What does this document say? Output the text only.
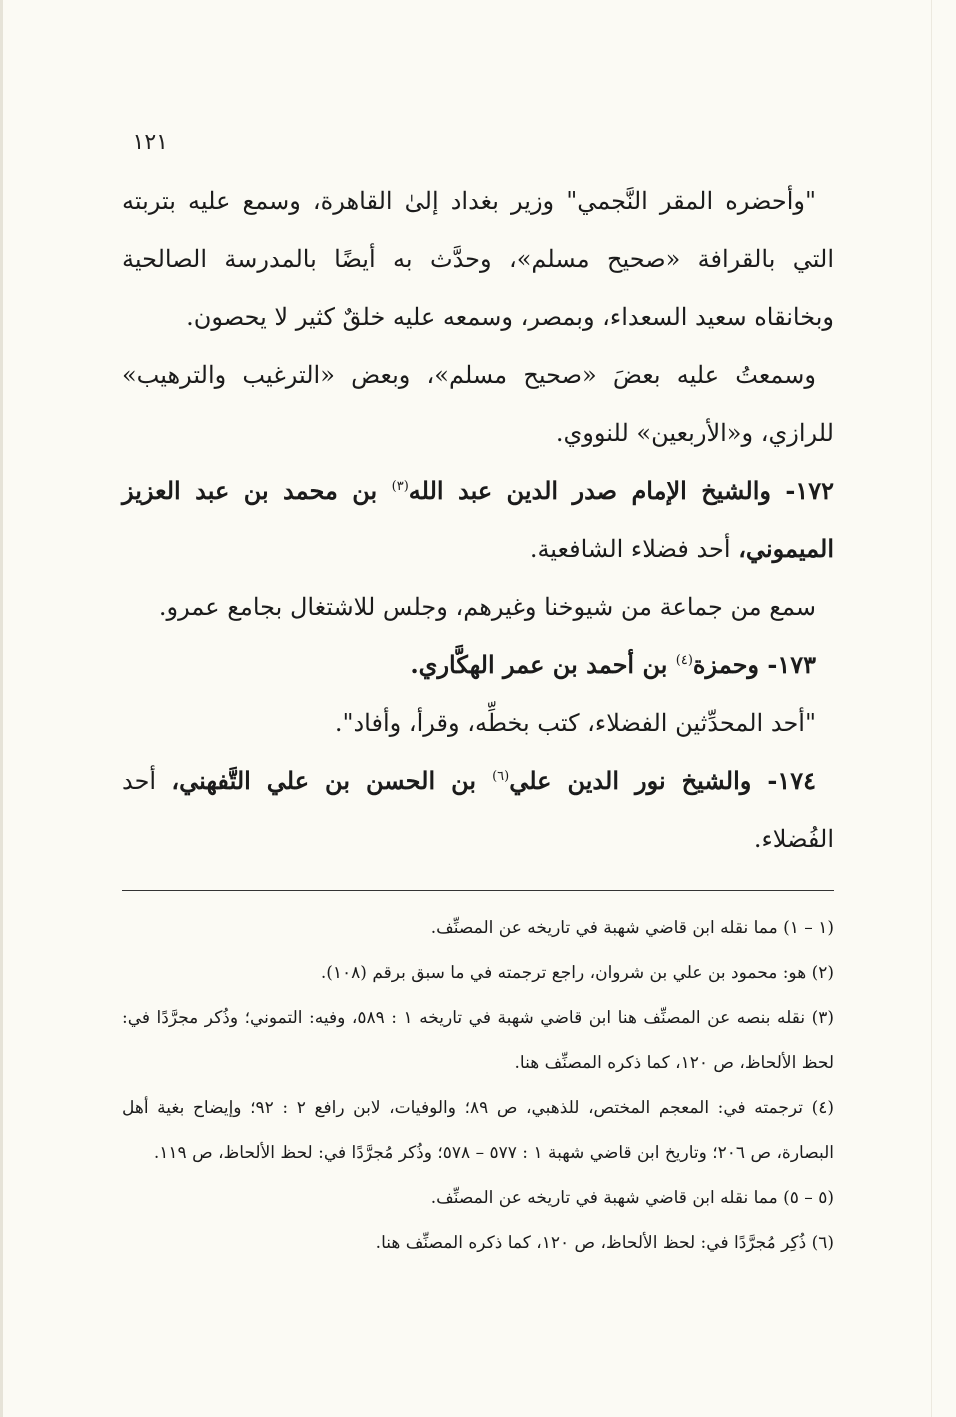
١٢١

"وأحضره المقر النَّجمي" وزير بغداد إلىٰ القاهرة، وسمع عليه بتربته التي بالقرافة «صحيح مسلم»، وحدَّث به أيضًا بالمدرسة الصالحية وبخانقاه سعيد السعداء، وبمصر، وسمعه عليه خلقٌ كثير لا يحصون.

وسمعتُ عليه بعضَ «صحيح مسلم»، وبعض «الترغيب والترهيب» للرازي، و«الأربعين» للنووي.

١٧٢- والشيخ الإمام صدر الدين عبد الله$^{(٣)}$ بن محمد بن عبد العزيز الميموني، أحد فضلاء الشافعية.

سمع من جماعة من شيوخنا وغيرهم، وجلس للاشتغال بجامع عمرو.

١٧٣- وحمزة$^{(٤)}$ بن أحمد بن عمر الهكَّاري.

"أحد المحدِّثين الفضلاء، كتب بخطِّه، وقرأ، وأفاد".

١٧٤- والشيخ نور الدين علي$^{(٦)}$ بن الحسن بن علي التَّفهني، أحد الفُضلاء.

(١ – ١) مما نقله ابن قاضي شهبة في تاريخه عن المصنِّف.

(٢) هو: محمود بن علي بن شروان، راجع ترجمته في ما سبق برقم (١٠٨).

(٣) نقله بنصه عن المصنِّف هنا ابن قاضي شهبة في تاريخه ١ : ٥٨٩، وفيه: التموني؛ وذُكر مجرَّدًا في: لحظ الألحاظ، ص ١٢٠، كما ذكره المصنِّف هنا.

(٤) ترجمته في: المعجم المختص، للذهبي، ص ٨٩؛ والوفيات، لابن رافع ٢ : ٩٢؛ وإيضاح بغية أهل البصارة، ص ٢٠٦؛ وتاريخ ابن قاضي شهبة ١ : ٥٧٧ – ٥٧٨؛ وذُكر مُجرَّدًا في: لحظ الألحاظ، ص ١١٩.

(٥ – ٥) مما نقله ابن قاضي شهبة في تاريخه عن المصنِّف.

(٦) ذُكِر مُجرَّدًا في: لحظ الألحاظ، ص ١٢٠، كما ذكره المصنِّف هنا.
